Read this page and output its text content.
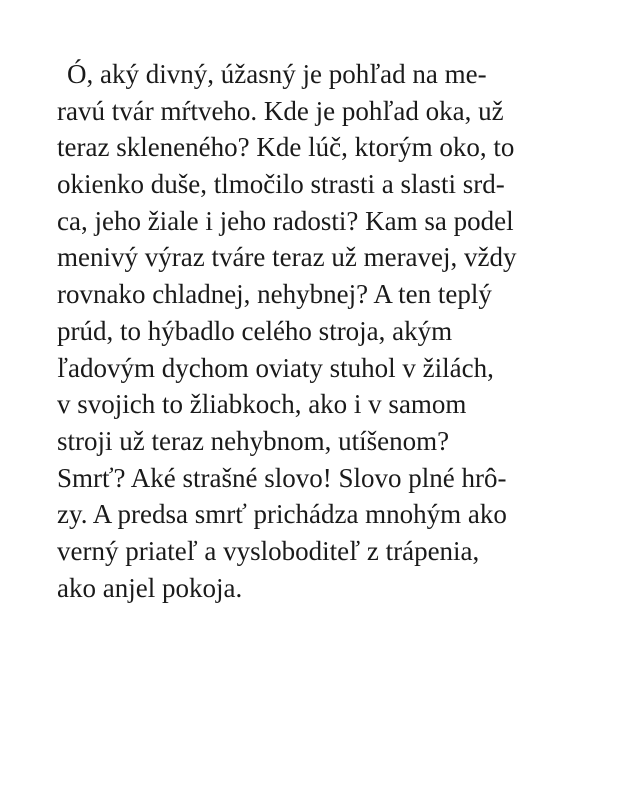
Ó, aký divný, úžasný je pohľad na me-
ravú tvár mŕtveho. Kde je pohľad oka, už
teraz skleneného? Kde lúč, ktorým oko, to
okienko duše, tlmočilo strasti a slasti srd-
ca, jeho žiale i jeho radosti? Kam sa podel
menivý výraz tváre teraz už meravej, vždy
rovnako chladnej, nehybnej? A ten teplý
prúd, to hýbadlo celého stroja, akým
ľadovým dychom oviaty stuhol v žilách,
v svojich to žliabkoch, ako i v samom
stroji už teraz nehybnom, utíšenom?
Smrť? Aké strašné slovo! Slovo plné hrô-
zy. A predsa smrť prichádza mnohým ako
verný priateľ a vysloboditeľ z trápenia,
ako anjel pokoja.
